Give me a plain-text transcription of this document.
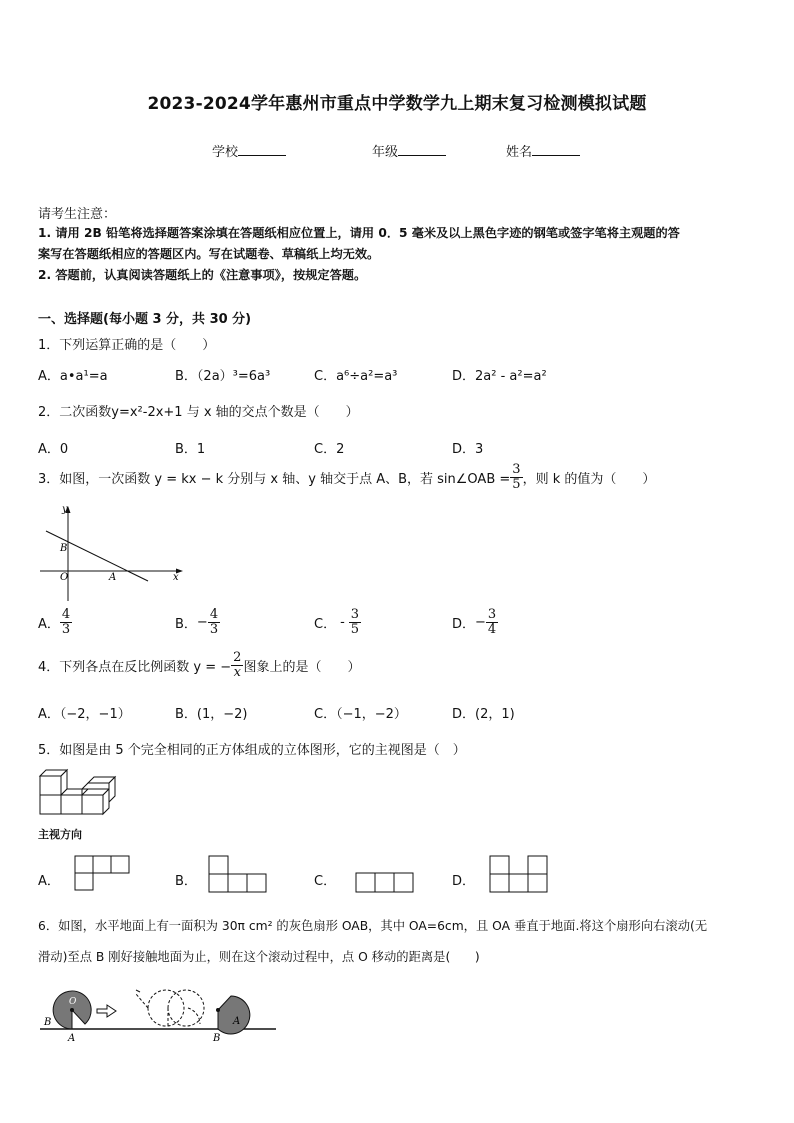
2023-2024学年惠州市重点中学数学九上期末复习检测模拟试题
学校	年级	姓名
请考生注意：
1. 请用 2B 铅笔将选择题答案涂填在答题纸相应位置上，请用 0．5 毫米及以上黑色字迹的钢笔或签字笔将主观题的答
案写在答题纸相应的答题区内。写在试题卷、草稿纸上均无效。
2. 答题前，认真阅读答题纸上的《注意事项》，按规定答题。
一、选择题(每小题 3 分，共 30 分)
1．下列运算正确的是（　　）
A．a•a¹=a	B．（2a）³=6a³	C．a⁶÷a²=a³	D．2a² - a²=a²
2．二次函数y=x²-2x+1 与 x 轴的交点个数是（　　）
A．0	B．1	C．2	D．3
3．如图，一次函数 y = kx − k 分别与 x 轴、y 轴交于点 A、B，若 sin∠OAB = $\frac{3}{5}$ ，则 k 的值为（　　）
y
x
B
O	A
A． $\frac{4}{3}$	B． − $\frac{4}{3}$	C． - $\frac{3}{5}$	D． − $\frac{3}{4}$
4．下列各点在反比例函数 y = − $\frac{2}{x}$ 图象上的是（　　）
A．（−2，−1）	B．(1，−2)	C．（−1，−2）	D．(2，1)
5．如图是由 5 个完全相同的正方体组成的立体图形，它的主视图是（　）
主视方向
A．	B．	C．	D．
6．如图，水平地面上有一面积为 30π cm² 的灰色扇形 OAB，其中 OA=6cm，且 OA 垂直于地面.将这个扇形向右滚动(无
滑动)至点 B 刚好接触地面为止，则在这个滚动过程中，点 O 移动的距离是(　　)
B
O
A
O
A
B
